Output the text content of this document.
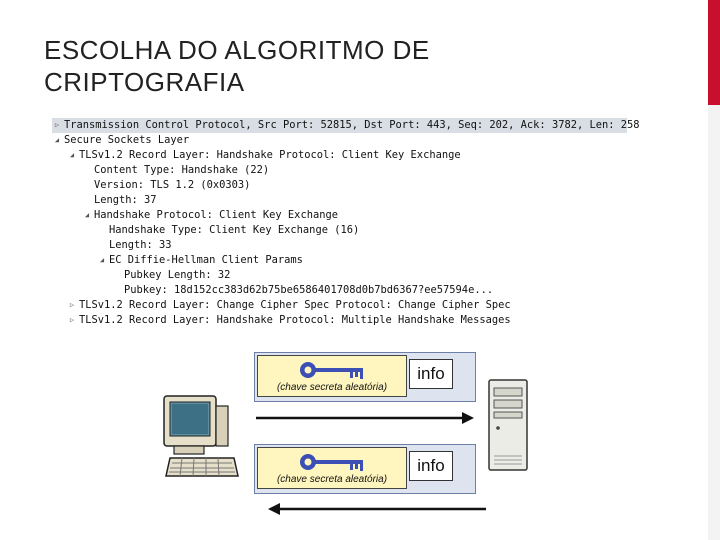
ESCOLHA DO ALGORITMO DE
CRIPTOGRAFIA
▷ Transmission Control Protocol, Src Port: 52815, Dst Port: 443, Seq: 202, Ack: 3782, Len: 258
◢ Secure Sockets Layer
◢ TLSv1.2 Record Layer: Handshake Protocol: Client Key Exchange
Content Type: Handshake (22)
Version: TLS 1.2 (0x0303)
Length: 37
◢ Handshake Protocol: Client Key Exchange
Handshake Type: Client Key Exchange (16)
Length: 33
◢ EC Diffie-Hellman Client Params
Pubkey Length: 32
Pubkey: 18d152cc383d62b75be6586401708d0b7bd6367?ee57594e...
▷ TLSv1.2 Record Layer: Change Cipher Spec Protocol: Change Cipher Spec
▷ TLSv1.2 Record Layer: Handshake Protocol: Multiple Handshake Messages
(chave secreta aleatória)
info
(chave secreta aleatória)
info
